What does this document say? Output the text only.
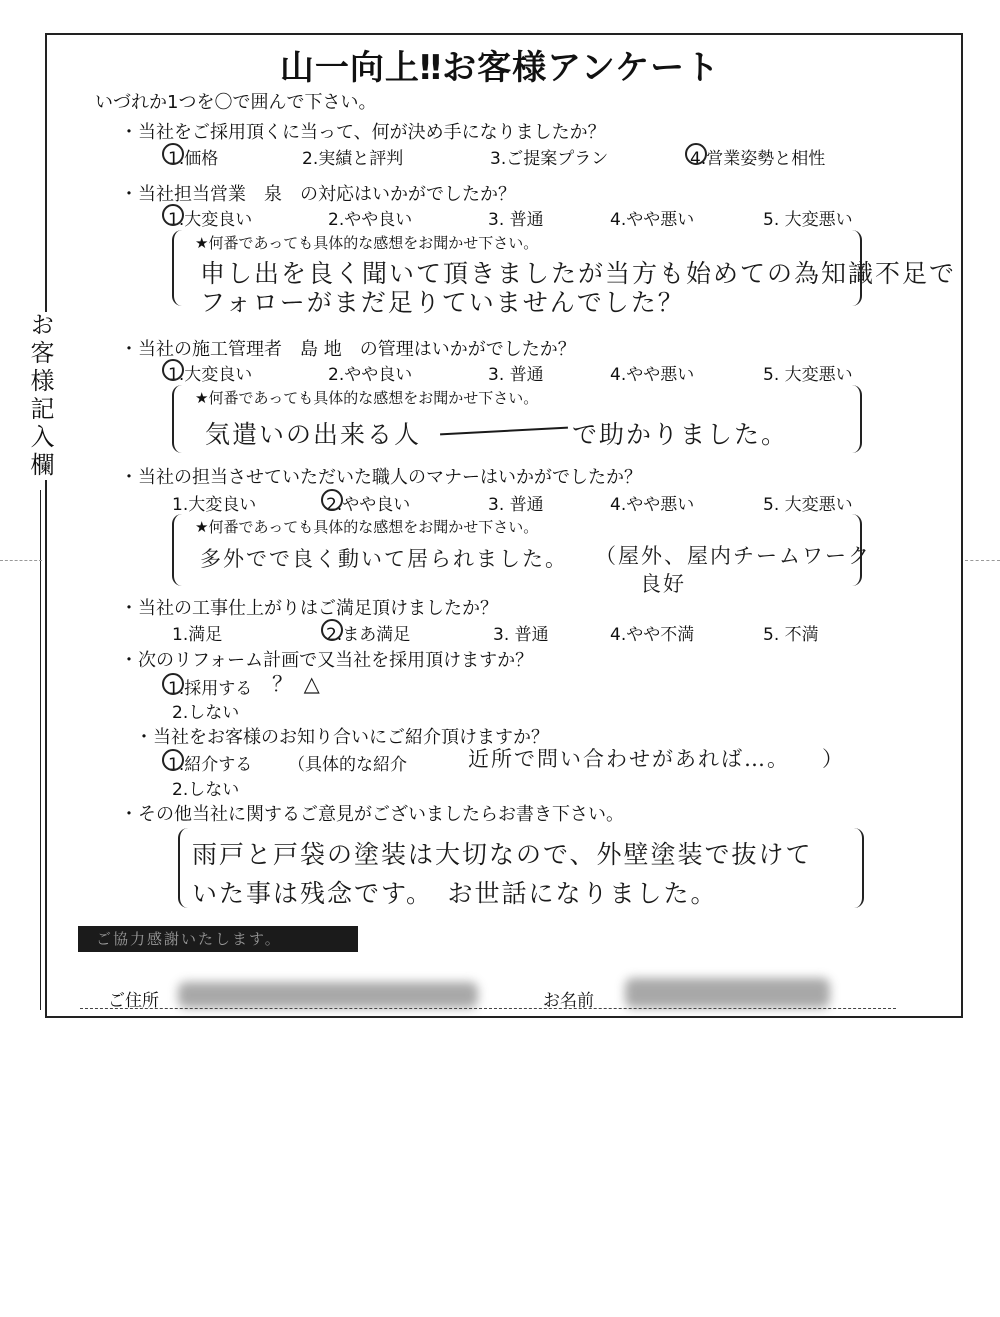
お客様記入欄
山一向上‼お客様アンケート
いづれか1つを〇で囲んで下さい。
・当社をご採用頂くに当って、何が決め手になりましたか？
1.価格	2.実績と評判	3.ご提案プラン	4.営業姿勢と相性
・当社担当営業　泉　の対応はいかがでしたか？
1.大変良い	2.やや良い	3. 普通	4.やや悪い	5. 大変悪い
★何番であっても具体的な感想をお聞かせ下さい。
申し出を良く聞いて頂きましたが当方も始めての為知識不足で
フォローがまだ足りていませんでした？
・当社の施工管理者　島 地　の管理はいかがでしたか？
1.大変良い	2.やや良い	3. 普通	4.やや悪い	5. 大変悪い
★何番であっても具体的な感想をお聞かせ下さい。
気遣いの出来る人	で助かりました。
・当社の担当させていただいた職人のマナーはいかがでしたか？
1.大変良い	2.やや良い	3. 普通	4.やや悪い	5. 大変悪い
★何番であっても具体的な感想をお聞かせ下さい。
多外でで良く動いて居られました。 （屋外、屋内チームワーク
良好
・当社の工事仕上がりはご満足頂けましたか？
1.満足	2.まあ満足	3. 普通	4.やや不満	5. 不満
・次のリフォーム計画で又当社を採用頂けますか？
1.採用する ？ △
2.しない
・当社をお客様のお知り合いにご紹介頂けますか？
1.紹介する （具体的な紹介	近所で問い合わせがあれば…。 ）
2.しない
・その他当社に関するご意見がございましたらお書き下さい。
雨戸と戸袋の塗装は大切なので、外壁塗装で抜けて
いた事は残念です。　お世話になりました。
ご協力感謝いたします。
ご住所	お名前
